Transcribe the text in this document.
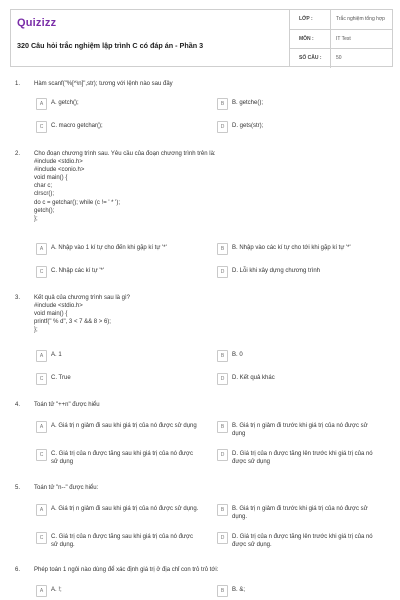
Quizizz
320 Câu hỏi trắc nghiệm lập trình C có đáp án - Phần 3
LỚP :	Trắc nghiệm tổng hợp
MÔN :	IT Test
SỐ CÂU :	50
1. Hàm scanf("%[^\n]",str); tương với lệnh nào sau đây
A	A. getch();	B	B. getche();
C	C. macro getchar();	D	D. gets(str);
2. Cho đoạn chương trình sau. Yêu cầu của đoạn chương trình trên là:
#include <stdio.h>
#include <conio.h>
void main() {
char c;
clrscr();
do c = getchar(); while (c != ' * ');
getch();
};
A	A. Nhập vào 1 kí tự cho đến khi gặp kí tự '*'	B	B. Nhập vào các kí tự cho tới khi gặp kí tự '*'
C	C. Nhập các kí tự '*'	D	D. Lỗi khi xây dựng chương trình
3. Kết quả của chương trình sau là gì?
#include <stdio.h>
void main() {
printf(" % d", 3 < 7 && 8 > 6);
};
A	A. 1	B	B. 0
C	C. True	D	D. Kết quả khác
4. Toán tử "++n" được hiểu
A	A. Giá trị n giảm đi sau khi giá trị của nó được sử dụng	B	B. Giá trị n giảm đi trước khi giá trị của nó được sử dụng
C	C. Giá trị của n được tăng sau khi giá trị của nó được sử dụng
D	D. Giá trị của n được tăng lên trước khi giá trị của nó được sử dụng
5. Toán tử "n--" được hiểu:
A	A. Giá trị n giảm đi sau khi giá trị của nó được sử dụng.	B	B. Giá trị n giảm đi trước khi giá trị của nó được sử dụng.
C	C. Giá trị của n được tăng sau khi giá trị của nó được sử dụng.
D	D. Giá trị của n được tăng lên trước khi giá trị của nó được sử dụng.
6. Phép toán 1 ngôi nào dùng để xác định giá trị ở địa chỉ con trỏ trỏ tới:
A	A. !;	B	B. &;
